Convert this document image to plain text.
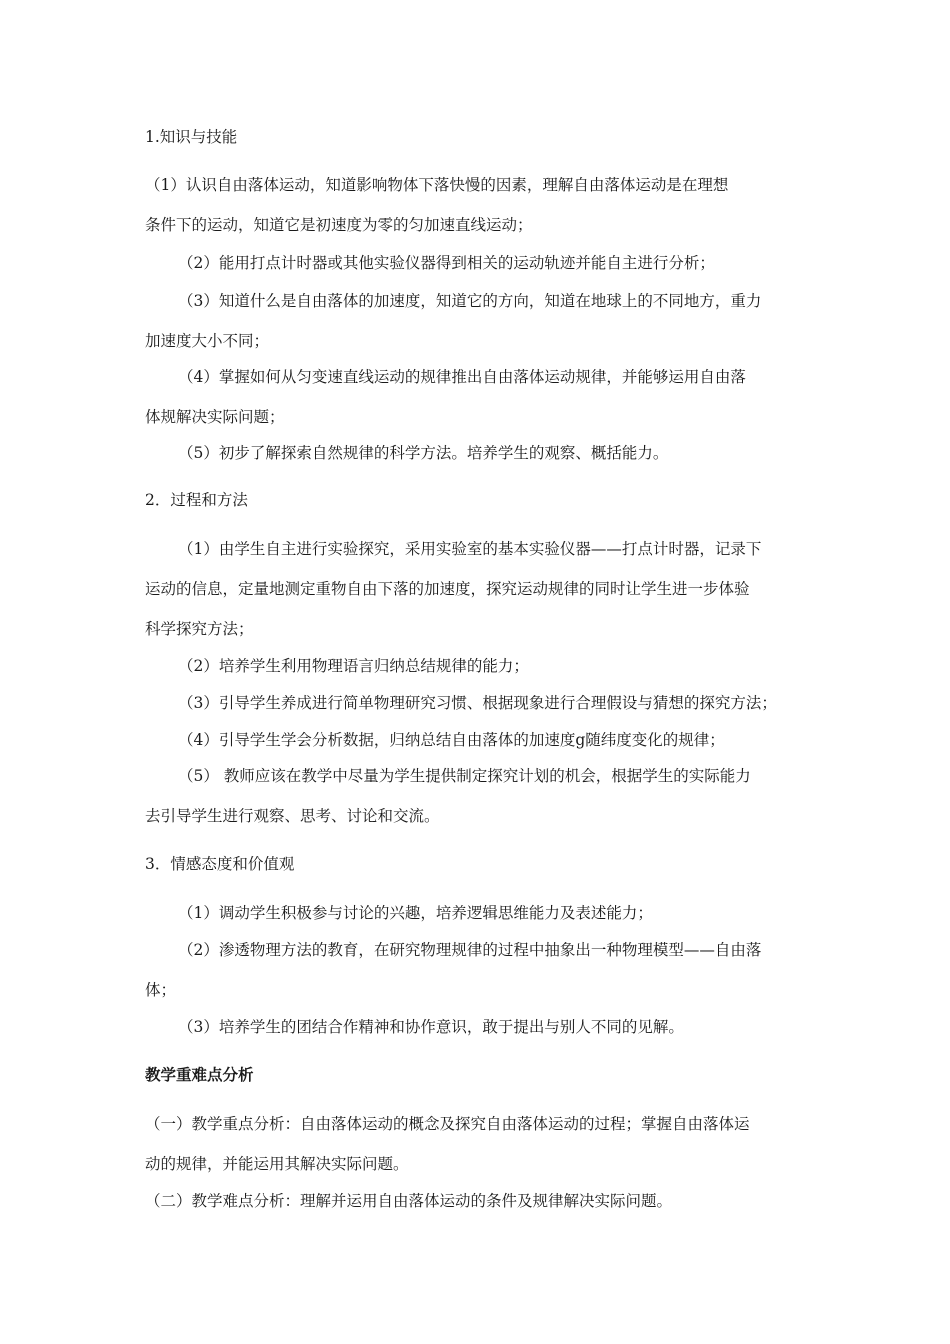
1.知识与技能
（1）认识自由落体运动，知道影响物体下落快慢的因素，理解自由落体运动是在理想
条件下的运动，知道它是初速度为零的匀加速直线运动；
（2）能用打点计时器或其他实验仪器得到相关的运动轨迹并能自主进行分析；
（3）知道什么是自由落体的加速度，知道它的方向，知道在地球上的不同地方，重力
加速度大小不同；
（4）掌握如何从匀变速直线运动的规律推出自由落体运动规律，并能够运用自由落
体规解决实际问题；
（5）初步了解探索自然规律的科学方法。培养学生的观察、概括能力。
2．过程和方法
（1）由学生自主进行实验探究，采用实验室的基本实验仪器——打点计时器，记录下
运动的信息，定量地测定重物自由下落的加速度，探究运动规律的同时让学生进一步体验
科学探究方法；
（2）培养学生利用物理语言归纳总结规律的能力；
（3）引导学生养成进行简单物理研究习惯、根据现象进行合理假设与猜想的探究方法；
（4）引导学生学会分析数据，归纳总结自由落体的加速度g随纬度变化的规律；
（5） 教师应该在教学中尽量为学生提供制定探究计划的机会，根据学生的实际能力
去引导学生进行观察、思考、讨论和交流。
3．情感态度和价值观
（1）调动学生积极参与讨论的兴趣，培养逻辑思维能力及表述能力；
（2）渗透物理方法的教育，在研究物理规律的过程中抽象出一种物理模型——自由落
体；
（3）培养学生的团结合作精神和协作意识，敢于提出与别人不同的见解。
教学重难点分析
（一）教学重点分析：自由落体运动的概念及探究自由落体运动的过程；掌握自由落体运
动的规律，并能运用其解决实际问题。
（二）教学难点分析：理解并运用自由落体运动的条件及规律解决实际问题。
